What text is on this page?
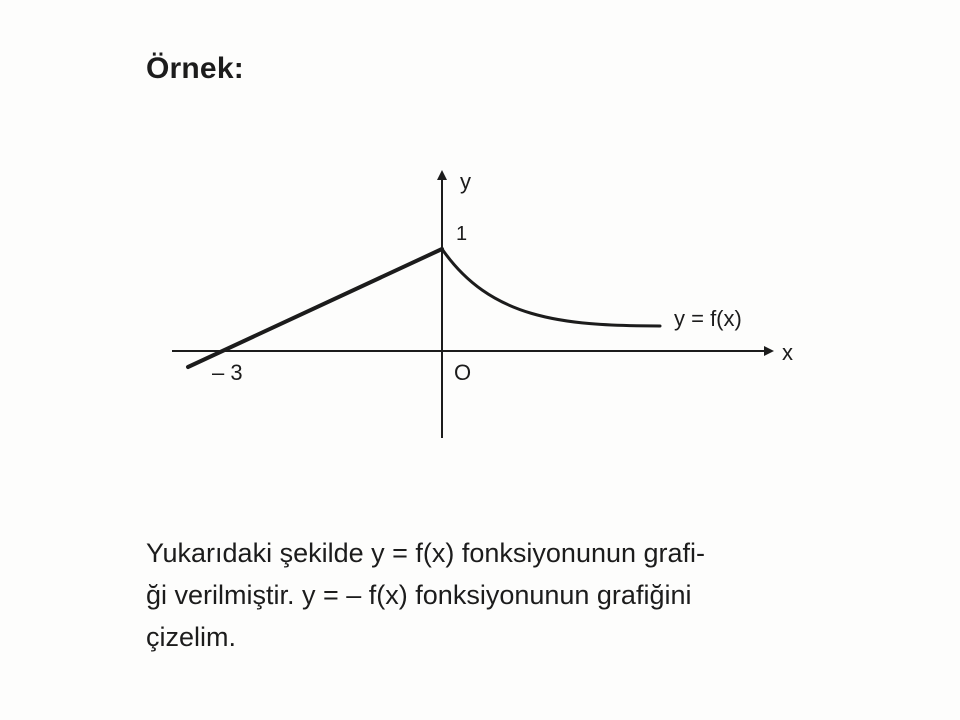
Örnek:
y
x
1
– 3	O
y = f(x)

Yukarıdaki şekilde y = f(x) fonksiyonunun grafi-

ği verilmiştir. y = – f(x) fonksiyonunun grafiğini

çizelim.
